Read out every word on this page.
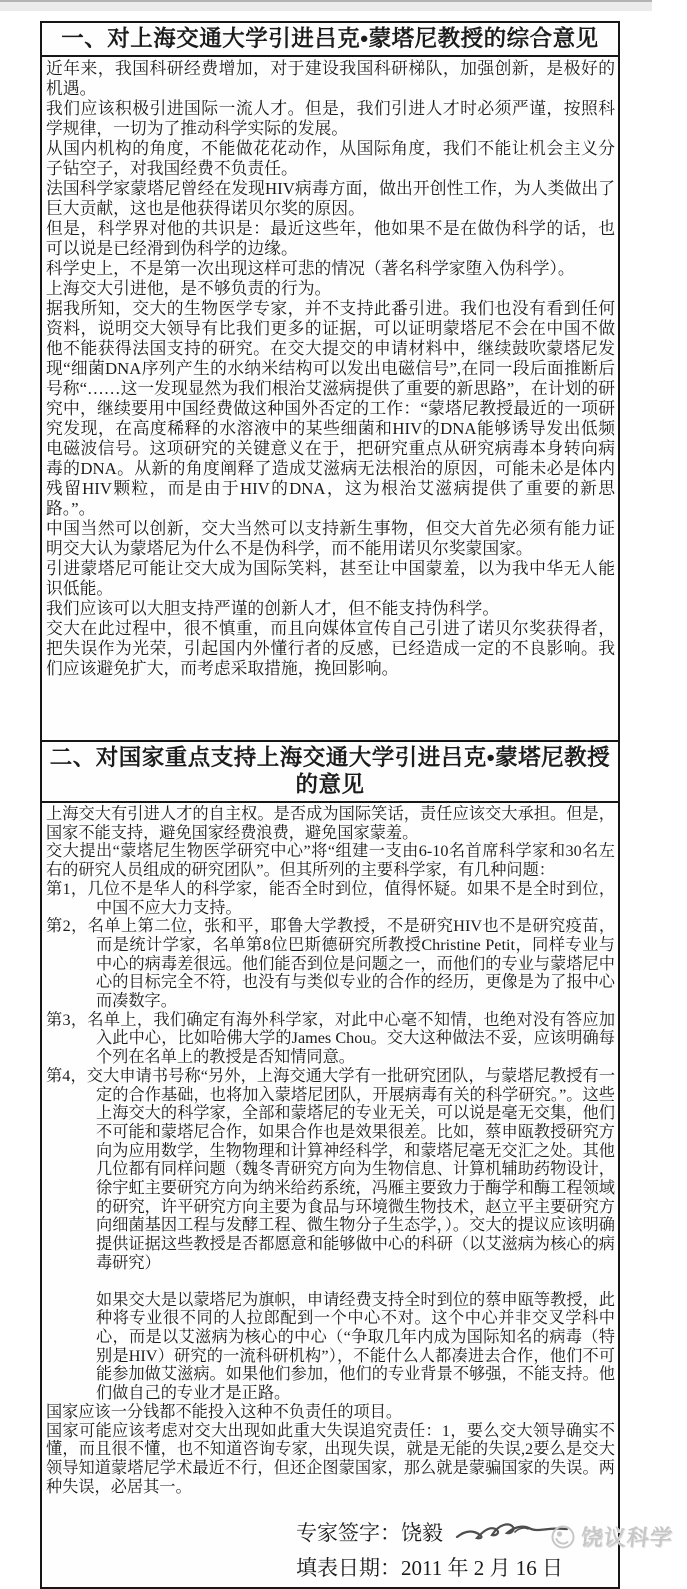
一、对上海交通大学引进吕克•蒙塔尼教授的综合意见

近年来，我国科研经费增加，对于建设我国科研梯队，加强创新，是极好的机遇。

我们应该积极引进国际一流人才。但是，我们引进人才时必须严谨，按照科学规律，一切为了推动科学实际的发展。

从国内机构的角度，不能做花花动作，从国际角度，我们不能让机会主义分子钻空子，对我国经费不负责任。

法国科学家蒙塔尼曾经在发现HIV病毒方面，做出开创性工作，为人类做出了巨大贡献，这也是他获得诺贝尔奖的原因。

但是，科学界对他的共识是：最近这些年，他如果不是在做伪科学的话，也可以说是已经滑到伪科学的边缘。

科学史上，不是第一次出现这样可悲的情况（著名科学家堕入伪科学）。

上海交大引进他，是不够负责的行为。

据我所知，交大的生物医学专家，并不支持此番引进。我们也没有看到任何资料，说明交大领导有比我们更多的证据，可以证明蒙塔尼不会在中国不做他不能获得法国支持的研究。在交大提交的申请材料中，继续鼓吹蒙塔尼发现“细菌DNA序列产生的水纳米结构可以发出电磁信号”,在同一段后面推断后号称“……这一发现显然为我们根治艾滋病提供了重要的新思路”，在计划的研究中，继续要用中国经费做这种国外否定的工作：“蒙塔尼教授最近的一项研究发现，在高度稀释的水溶液中的某些细菌和HIV的DNA能够诱导发出低频电磁波信号。这项研究的关键意义在于，把研究重点从研究病毒本身转向病毒的DNA。从新的角度阐释了造成艾滋病无法根治的原因，可能未必是体内残留HIV颗粒，而是由于HIV的DNA，这为根治艾滋病提供了重要的新思路。”。

中国当然可以创新，交大当然可以支持新生事物，但交大首先必须有能力证明交大认为蒙塔尼为什么不是伪科学，而不能用诺贝尔奖蒙国家。

引进蒙塔尼可能让交大成为国际笑料，甚至让中国蒙羞，以为我中华无人能识低能。

我们应该可以大胆支持严谨的创新人才，但不能支持伪科学。

交大在此过程中，很不慎重，而且向媒体宣传自己引进了诺贝尔奖获得者，把失误作为光荣，引起国内外懂行者的反感，已经造成一定的不良影响。我们应该避免扩大，而考虑采取措施，挽回影响。

二、对国家重点支持上海交通大学引进吕克•蒙塔尼教授的意见

上海交大有引进人才的自主权。是否成为国际笑话，责任应该交大承担。但是，国家不能支持，避免国家经费浪费，避免国家蒙羞。

交大提出“蒙塔尼生物医学研究中心”将“组建一支由6-10名首席科学家和30名左右的研究人员组成的研究团队”。但其所列的主要科学家，有几种问题：

第1，几位不是华人的科学家，能否全时到位，值得怀疑。如果不是全时到位，中国不应大力支持。

第2，名单上第二位，张和平，耶鲁大学教授，不是研究HIV也不是研究疫苗，而是统计学家，名单第8位巴斯德研究所教授Christine Petit，同样专业与中心的病毒差很远。他们能否到位是问题之一，而他们的专业与蒙塔尼中心的目标完全不符，也没有与类似专业的合作的经历，更像是为了报中心而凑数字。

第3，名单上，我们确定有海外科学家，对此中心毫不知情，也绝对没有答应加入此中心，比如哈佛大学的James Chou。交大这种做法不妥，应该明确每个列在名单上的教授是否知情同意。

第4，交大申请书号称“另外，上海交通大学有一批研究团队，与蒙塔尼教授有一定的合作基础，也将加入蒙塔尼团队，开展病毒有关的科学研究。”。这些上海交大的科学家，全部和蒙塔尼的专业无关，可以说是毫无交集，他们不可能和蒙塔尼合作，如果合作也是效果很差。比如，蔡申瓯教授研究方向为应用数学，生物物理和计算神经科学，和蒙塔尼毫无交汇之处。其他几位都有同样问题（魏冬青研究方向为生物信息、计算机辅助药物设计，徐宇虹主要研究方向为纳米给药系统，冯雁主要致力于酶学和酶工程领域的研究，许平研究方向主要为食品与环境微生物技术，赵立平主要研究方向细菌基因工程与发酵工程、微生物分子生态学，）。交大的提议应该明确提供证据这些教授是否都愿意和能够做中心的科研（以艾滋病为核心的病毒研究）

如果交大是以蒙塔尼为旗帜，申请经费支持全时到位的蔡申瓯等教授，此种将专业很不同的人拉郎配到一个中心不对。这个中心并非交叉学科中心，而是以艾滋病为核心的中心（“争取几年内成为国际知名的病毒（特别是HIV）研究的一流科研机构”），不能什么人都凑进去合作，他们不可能参加做艾滋病。如果他们参加，他们的专业背景不够强，不能支持。他们做自己的专业才是正路。

国家应该一分钱都不能投入这种不负责任的项目。

国家可能应该考虑对交大出现如此重大失误追究责任：1，要么交大领导确实不懂，而且很不懂，也不知道咨询专家，出现失误，就是无能的失误,2要么是交大领导知道蒙塔尼学术最近不行，但还企图蒙国家，那么就是蒙骗国家的失误。两种失误，必居其一。

专家签字：饶毅
填表日期：2011 年 2 月 16 日
饶议科学
